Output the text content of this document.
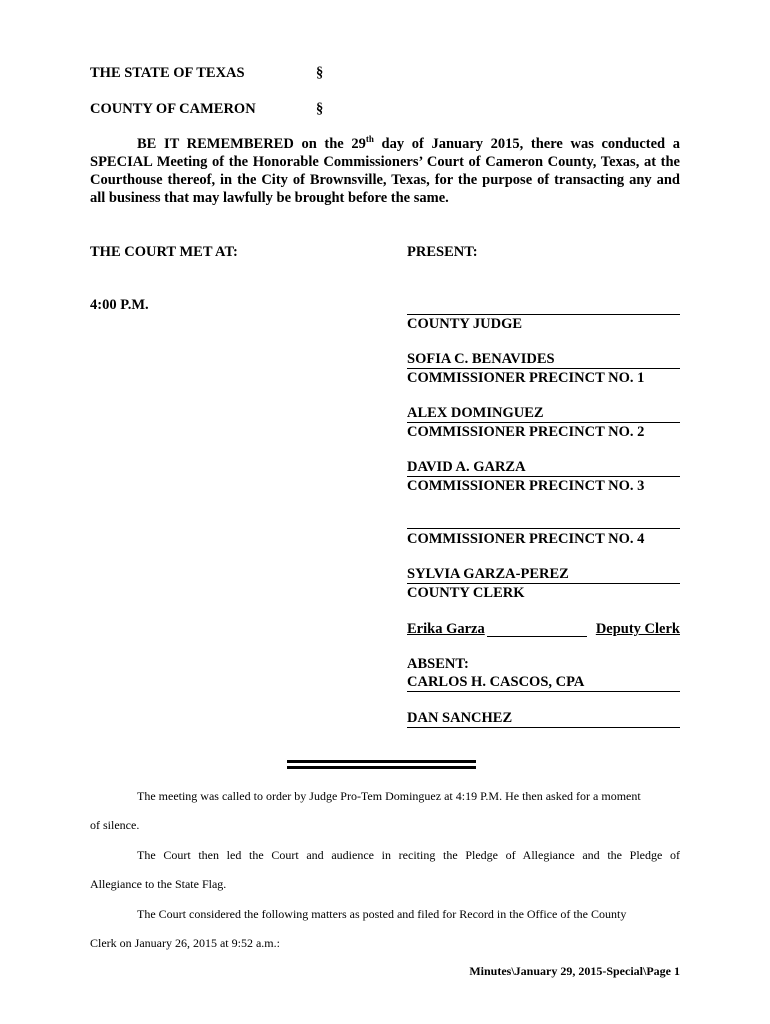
THE STATE OF TEXAS	§
COUNTY OF CAMERON	§
BE IT REMEMBERED on the 29th day of January 2015, there was conducted a
SPECIAL Meeting of the Honorable Commissioners’ Court of Cameron County, Texas, at the Courthouse thereof, in the City of Brownsville, Texas, for the purpose of transacting any and all business that may lawfully be brought before the same.
THE COURT MET AT:	PRESENT:
4:00 P.M.
COUNTY JUDGE
SOFIA C. BENAVIDES
COMMISSIONER PRECINCT NO. 1
ALEX DOMINGUEZ
COMMISSIONER PRECINCT NO. 2
DAVID A. GARZA
COMMISSIONER PRECINCT NO. 3
COMMISSIONER PRECINCT NO. 4
SYLVIA GARZA-PEREZ
COUNTY CLERK
Erika Garza	Deputy Clerk
ABSENT:
CARLOS H. CASCOS, CPA
DAN SANCHEZ
The meeting was called to order by Judge Pro-Tem Dominguez at 4:19 P.M. He then asked for a moment
of silence.
The Court then led the Court and audience in reciting the Pledge of Allegiance and the Pledge of
Allegiance to the State Flag.
The Court considered the following matters as posted and filed for Record in the Office of the County
Clerk on January 26, 2015 at 9:52 a.m.:
Minutes\January 29, 2015-Special\Page 1
